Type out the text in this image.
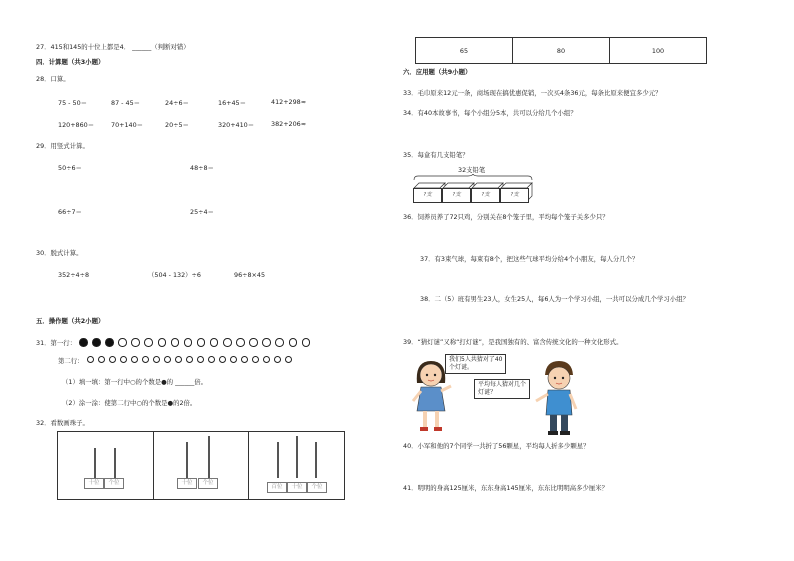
27．415和145的十位上都是4． ______（判断对错）
四．计算题（共3小题）
28．口算。
75 - 50＝	87 - 45＝	24÷6＝	16+45＝	412+298≈
120+860＝	70+140＝	20÷5＝	320+410＝	382+206≈
29．用竖式计算。
50÷6＝	48÷8＝
66÷7＝	25÷4＝
30．脱式计算。
352÷4÷8	（504 - 132）÷6	96÷8×45
五．操作题（共2小题）
31．第一行：
第二行：
（1）填一填：第一行中○的个数是●的 ______倍。
（2）涂一涂：使第二行中○的个数是●的2倍。
32．看数画珠子。
十位	个位	十位	个位
百位	十位	个位
65	80	100
六．应用题（共9小题）
33．毛巾原来12元一条，商场现在搞优惠促销，一次买4条36元，每条比原来便宜多少元？
34．有40本故事书，每个小组分5本，共可以分给几个小组？
35．每盒有几支铅笔？
32支铅笔
?支	?支	?支	?支
36．饲养员养了72只鸡，分别关在8个笼子里，平均每个笼子关多少只？
37．有3束气球，每束有8个，把这些气球平均分给4个小朋友，每人分几个？
38．二（5）班有男生23人，女生25人，每6人为一个学习小组，一共可以分成几个学习小组？
39．“猜灯谜”又称“打灯谜”，是我国独有的、富含传统文化的一种文化形式。
我们5人共猜对了40
个灯谜。
平均每人猜对几个
灯谜？
40．小军和他的7个同学一共折了56颗星，平均每人折多少颗星？
41．明明的身高125厘米，东东身高145厘米，东东比明明高多少厘米？
